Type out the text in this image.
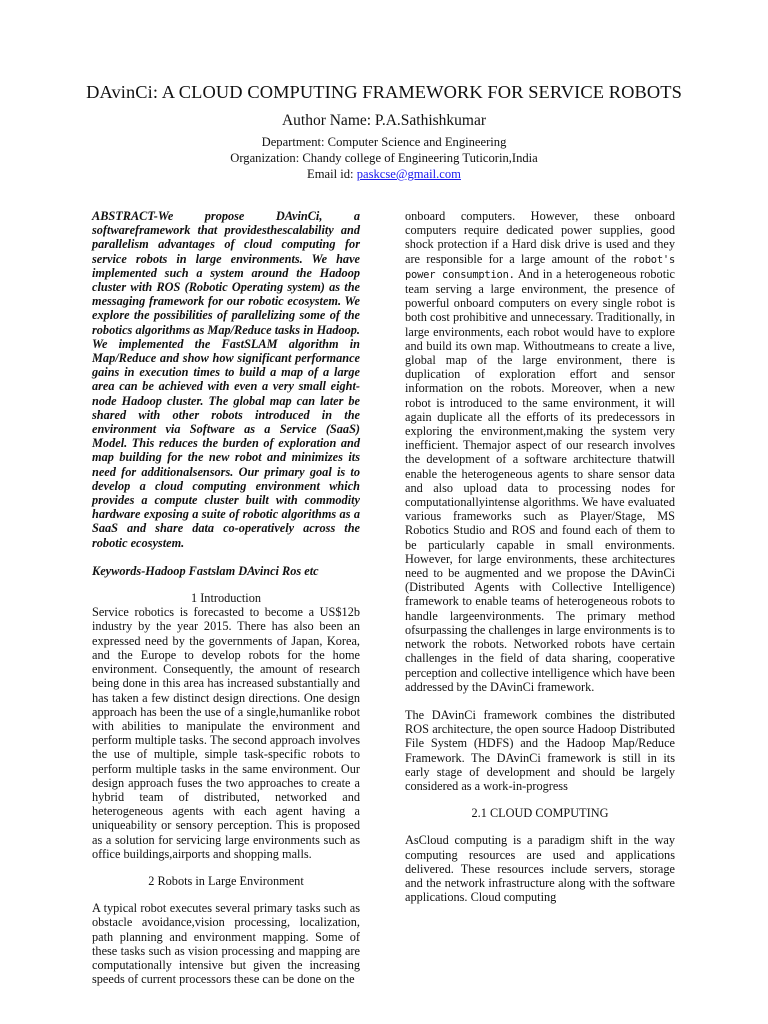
DAvinCi: A CLOUD COMPUTING FRAMEWORK FOR SERVICE ROBOTS
Author Name: P.A.Sathishkumar
Department: Computer Science and Engineering
Organization: Chandy college of Engineering Tuticorin,India
Email id: paskcse@gmail.com

ABSTRACT-We propose DAvinCi, a softwareframework that providesthescalability and parallelism advantages of cloud computing for service robots in large environments. We have implemented such a system around the Hadoop cluster with ROS (Robotic Operating system) as the messaging framework for our robotic ecosystem. We explore the possibilities of parallelizing some of the robotics algorithms as Map/Reduce tasks in Hadoop. We implemented the FastSLAM algorithm in Map/Reduce and show how significant performance gains in execution times to build a map of a large area can be achieved with even a very small eight-node Hadoop cluster. The global map can later be shared with other robots introduced in the environment via Software as a Service (SaaS) Model. This reduces the burden of exploration and map building for the new robot and minimizes its need for additionalsensors. Our primary goal is to develop a cloud computing environment which provides a compute cluster built with commodity hardware exposing a suite of robotic algorithms as a SaaS and share data co-operatively across the robotic ecosystem.

Keywords-Hadoop Fastslam DAvinci Ros etc

1 Introduction

Service robotics is forecasted to become a US$12b industry by the year 2015. There has also been an expressed need by the governments of Japan, Korea, and the Europe to develop robots for the home environment. Consequently, the amount of research being done in this area has increased substantially and has taken a few distinct design directions. One design approach has been the use of a single,humanlike robot with abilities to manipulate the environment and perform multiple tasks. The second approach involves the use of multiple, simple task-specific robots to perform multiple tasks in the same environment. Our design approach fuses the two approaches to create a hybrid team of distributed, networked and heterogeneous agents with each agent having a uniqueability or sensory perception. This is proposed as a solution for servicing large environments such as office buildings,airports and shopping malls.

2 Robots in Large Environment

A typical robot executes several primary tasks such as obstacle avoidance,vision processing, localization, path planning and environment mapping. Some of these tasks such as vision processing and mapping are computationally intensive but given the increasing speeds of current processors these can be done on the

onboard computers. However, these onboard computers require dedicated power supplies, good shock protection if a Hard disk drive is used and they are responsible for a large amount of the robot's power consumption. And in a heterogeneous robotic team serving a large environment, the presence of powerful onboard computers on every single robot is both cost prohibitive and unnecessary. Traditionally, in large environments, each robot would have to explore and build its own map. Withoutmeans to create a live, global map of the large environment, there is duplication of exploration effort and sensor information on the robots. Moreover, when a new robot is introduced to the same environment, it will again duplicate all the efforts of its predecessors in exploring the environment,making the system very inefficient. Themajor aspect of our research involves the development of a software architecture thatwill enable the heterogeneous agents to share sensor data and also upload data to processing nodes for computationallyintense algorithms. We have evaluated various frameworks such as Player/Stage, MS Robotics Studio and ROS and found each of them to be particularly capable in small environments. However, for large environments, these architectures need to be augmented and we propose the DAvinCi (Distributed Agents with Collective Intelligence) framework to enable teams of heterogeneous robots to handle largeenvironments. The primary method ofsurpassing the challenges in large environments is to network the robots. Networked robots have certain challenges in the field of data sharing, cooperative perception and collective intelligence which have been addressed by the DAvinCi framework.

The DAvinCi framework combines the distributed ROS architecture, the open source Hadoop Distributed File System (HDFS) and the Hadoop Map/Reduce Framework. The DAvinCi framework is still in its early stage of development and should be largely considered as a work-in-progress

2.1 CLOUD COMPUTING

AsCloud computing is a paradigm shift in the way computing resources are used and applications delivered. These resources include servers, storage and the network infrastructure along with the software applications. Cloud computing
